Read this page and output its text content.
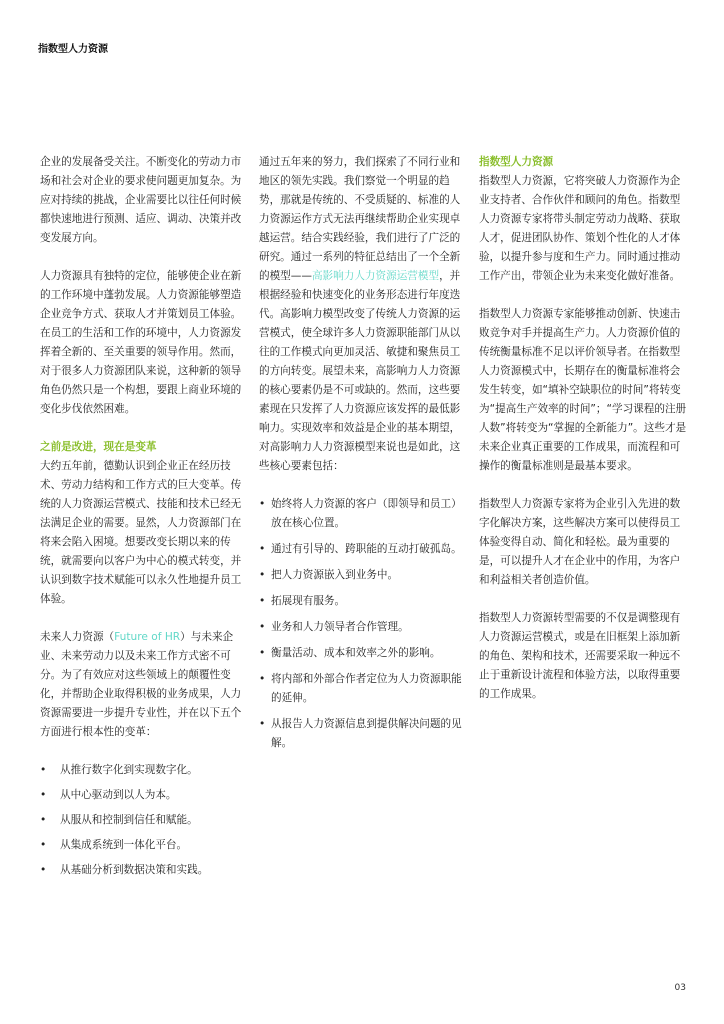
指数型人力资源

企业的发展备受关注。不断变化的劳动力市场和社会对企业的要求使问题更加复杂。为应对持续的挑战，企业需要比以往任何时候都快速地进行预测、适应、调动、决策并改变发展方向。

人力资源具有独特的定位，能够使企业在新的工作环境中蓬勃发展。人力资源能够塑造企业竞争方式、获取人才并策划员工体验。在员工的生活和工作的环境中，人力资源发挥着全新的、至关重要的领导作用。然而，对于很多人力资源团队来说，这种新的领导角色仍然只是一个构想，要跟上商业环境的变化步伐依然困难。

之前是改进，现在是变革
大约五年前，德勤认识到企业正在经历技术、劳动力结构和工作方式的巨大变革。传统的人力资源运营模式、技能和技术已经无法满足企业的需要。显然，人力资源部门在将来会陷入困境。想要改变长期以来的传统，就需要向以客户为中心的模式转变，并认识到数字技术赋能可以永久性地提升员工体验。

未来人力资源（Future of HR）与未来企业、未来劳动力以及未来工作方式密不可分。为了有效应对这些领域上的颠覆性变化，并帮助企业取得积极的业务成果，人力资源需要进一步提升专业性，并在以下五个方面进行根本性的变革：

• 从推行数字化到实现数字化。
• 从中心驱动到以人为本。
• 从服从和控制到信任和赋能。
• 从集成系统到一体化平台。
• 从基础分析到数据决策和实践。

通过五年来的努力，我们探索了不同行业和地区的领先实践。我们察觉一个明显的趋势，那就是传统的、不受质疑的、标准的人力资源运作方式无法再继续帮助企业实现卓越运营。结合实践经验，我们进行了广泛的研究。通过一系列的特征总结出了一个全新的模型——高影响力人力资源运营模型，并根据经验和快速变化的业务形态进行年度迭代。高影响力模型改变了传统人力资源的运营模式，使全球许多人力资源职能部门从以往的工作模式向更加灵活、敏捷和聚焦员工的方向转变。展望未来，高影响力人力资源的核心要素仍是不可或缺的。然而，这些要素现在只发挥了人力资源应该发挥的最低影响力。实现效率和效益是企业的基本期望，对高影响力人力资源模型来说也是如此，这些核心要素包括：

• 始终将人力资源的客户（即领导和员工）放在核心位置。
• 通过有引导的、跨职能的互动打破孤岛。
• 把人力资源嵌入到业务中。
• 拓展现有服务。
• 业务和人力领导者合作管理。
• 衡量活动、成本和效率之外的影响。
• 将内部和外部合作者定位为人力资源职能的延伸。
• 从报告人力资源信息到提供解决问题的见解。

指数型人力资源
指数型人力资源，它将突破人力资源作为企业支持者、合作伙伴和顾问的角色。指数型人力资源专家将带头制定劳动力战略、获取人才，促进团队协作、策划个性化的人才体验，以提升参与度和生产力。同时通过推动工作产出，带领企业为未来变化做好准备。

指数型人力资源专家能够推动创新、快速击败竞争对手并提高生产力。人力资源价值的传统衡量标准不足以评价领导者。在指数型人力资源模式中，长期存在的衡量标准将会发生转变，如“填补空缺职位的时间”将转变为“提高生产效率的时间”；“学习课程的注册人数”将转变为“掌握的全新能力”。这些才是未来企业真正重要的工作成果，而流程和可操作的衡量标准则是最基本要求。

指数型人力资源专家将为企业引入先进的数字化解决方案，这些解决方案可以使得员工体验变得自动、简化和轻松。最为重要的是，可以提升人才在企业中的作用，为客户和利益相关者创造价值。

指数型人力资源转型需要的不仅是调整现有人力资源运营模式，或是在旧框架上添加新的角色、架构和技术，还需要采取一种远不止于重新设计流程和体验方法，以取得重要的工作成果。

03
